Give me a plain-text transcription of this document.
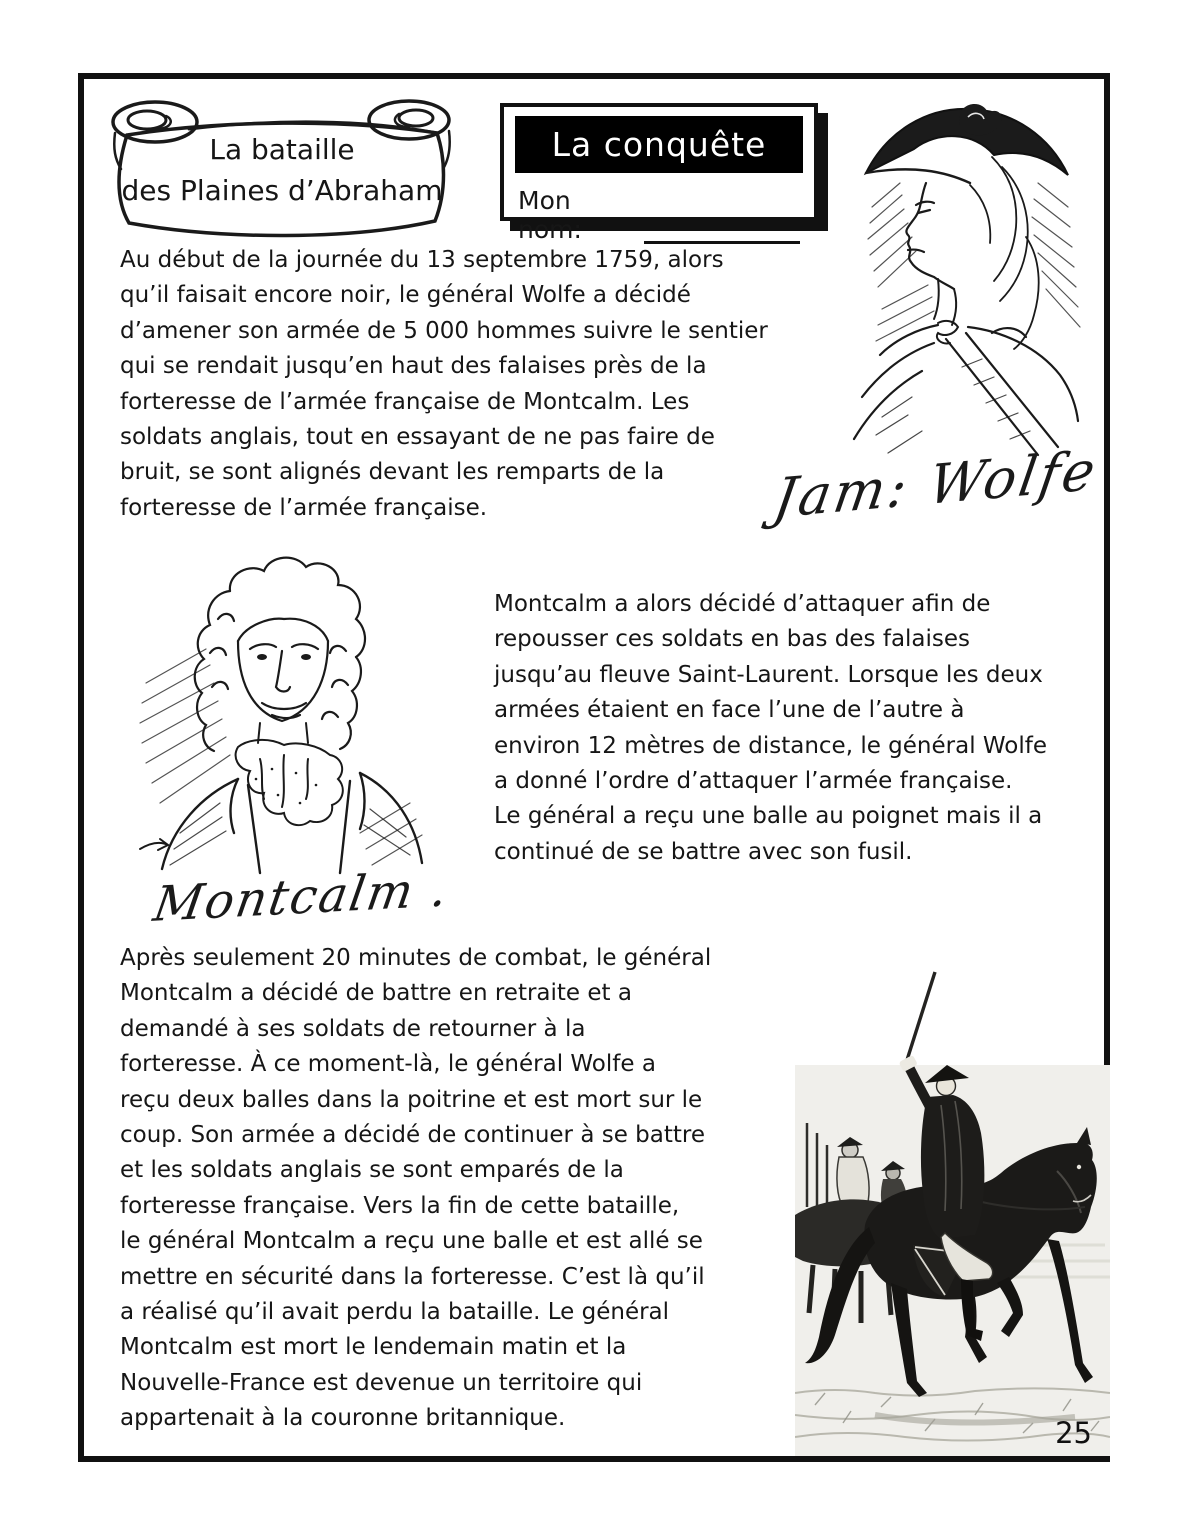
La bataille
des Plaines d’Abraham
La conquête
Mon nom:
Jam: Wolfe
Au début de la journée du 13 septembre 1759, alors
qu’il faisait encore noir, le général Wolfe a décidé
d’amener son armée de 5 000 hommes suivre le sentier
qui se rendait jusqu’en haut des falaises près de la
forteresse de l’armée française de Montcalm. Les
soldats anglais, tout en essayant de ne pas faire de
bruit, se sont alignés devant les remparts de la
forteresse de l’armée française.
Montcalm .
Montcalm a alors décidé d’attaquer afin de
repousser ces soldats en bas des falaises
jusqu’au fleuve Saint-Laurent. Lorsque les deux
armées étaient en face l’une de l’autre à
environ 12 mètres de distance, le général Wolfe
a donné l’ordre d’attaquer l’armée française.
Le général a reçu une balle au poignet mais il a
continué de se battre avec son fusil.
Après seulement 20 minutes de combat, le général
Montcalm a décidé de battre en retraite et a
demandé à ses soldats de retourner à la
forteresse. À ce moment-là, le général Wolfe a
reçu deux balles dans la poitrine et est mort sur le
coup. Son armée a décidé de continuer à se battre
et les soldats anglais se sont emparés de la
forteresse française. Vers la fin de cette bataille,
le général Montcalm a reçu une balle et est allé se
mettre en sécurité dans la forteresse. C’est là qu’il
a réalisé qu’il avait perdu la bataille. Le général
Montcalm est mort le lendemain matin et la
Nouvelle-France est devenue un territoire qui
appartenait à la couronne britannique.	25
